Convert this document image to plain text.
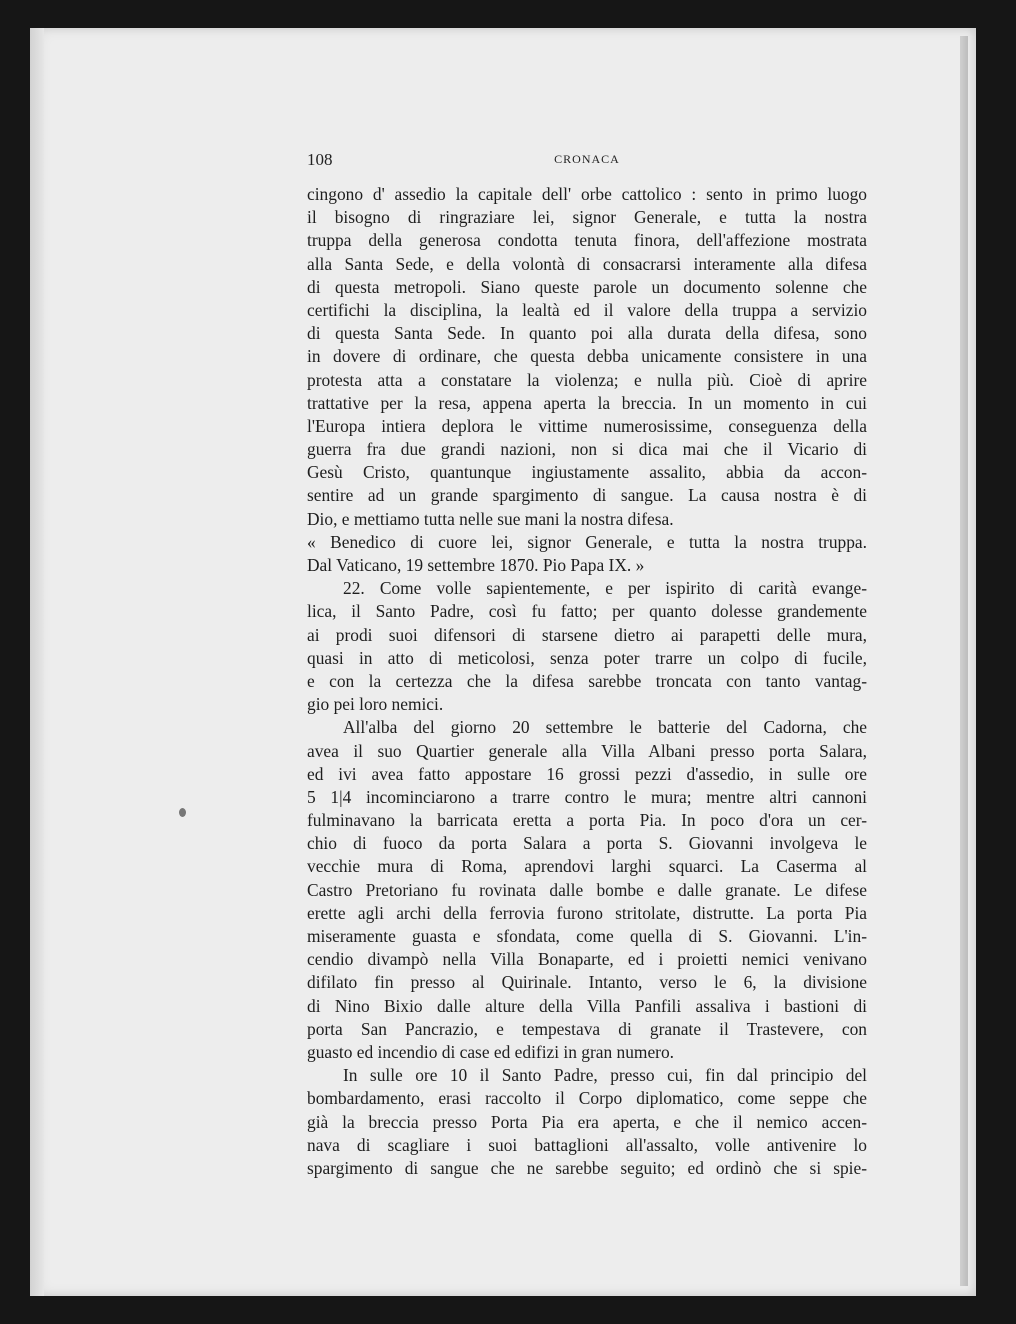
108	CRONACA
cingono d' assedio la capitale dell' orbe cattolico : sento in primo luogo
il bisogno di ringraziare lei, signor Generale, e tutta la nostra
truppa della generosa condotta tenuta finora, dell'affezione mostrata
alla Santa Sede, e della volontà di consacrarsi interamente alla difesa
di questa metropoli. Siano queste parole un documento solenne che
certifichi la disciplina, la lealtà ed il valore della truppa a servizio
di questa Santa Sede. In quanto poi alla durata della difesa, sono
in dovere di ordinare, che questa debba unicamente consistere in una
protesta atta a constatare la violenza; e nulla più. Cioè di aprire
trattative per la resa, appena aperta la breccia. In un momento in cui
l'Europa intiera deplora le vittime numerosissime, conseguenza della
guerra fra due grandi nazioni, non si dica mai che il Vicario di
Gesù Cristo, quantunque ingiustamente assalito, abbia da accon-
sentire ad un grande spargimento di sangue. La causa nostra è di
Dio, e mettiamo tutta nelle sue mani la nostra difesa.
« Benedico di cuore lei, signor Generale, e tutta la nostra truppa.
Dal Vaticano, 19 settembre 1870. Pio Papa IX. »
22. Come volle sapientemente, e per ispirito di carità evange-
lica, il Santo Padre, così fu fatto; per quanto dolesse grandemente
ai prodi suoi difensori di starsene dietro ai parapetti delle mura,
quasi in atto di meticolosi, senza poter trarre un colpo di fucile,
e con la certezza che la difesa sarebbe troncata con tanto vantag-
gio pei loro nemici.
All'alba del giorno 20 settembre le batterie del Cadorna, che
avea il suo Quartier generale alla Villa Albani presso porta Salara,
ed ivi avea fatto appostare 16 grossi pezzi d'assedio, in sulle ore
5 1|4 incominciarono a trarre contro le mura; mentre altri cannoni
fulminavano la barricata eretta a porta Pia. In poco d'ora un cer-
chio di fuoco da porta Salara a porta S. Giovanni involgeva le
vecchie mura di Roma, aprendovi larghi squarci. La Caserma al
Castro Pretoriano fu rovinata dalle bombe e dalle granate. Le difese
erette agli archi della ferrovia furono stritolate, distrutte. La porta Pia
miseramente guasta e sfondata, come quella di S. Giovanni. L'in-
cendio divampò nella Villa Bonaparte, ed i proietti nemici venivano
difilato fin presso al Quirinale. Intanto, verso le 6, la divisione
di Nino Bixio dalle alture della Villa Panfili assaliva i bastioni di
porta San Pancrazio, e tempestava di granate il Trastevere, con
guasto ed incendio di case ed edifizi in gran numero.
In sulle ore 10 il Santo Padre, presso cui, fin dal principio del
bombardamento, erasi raccolto il Corpo diplomatico, come seppe che
già la breccia presso Porta Pia era aperta, e che il nemico accen-
nava di scagliare i suoi battaglioni all'assalto, volle antivenire lo
spargimento di sangue che ne sarebbe seguito; ed ordinò che si spie-
